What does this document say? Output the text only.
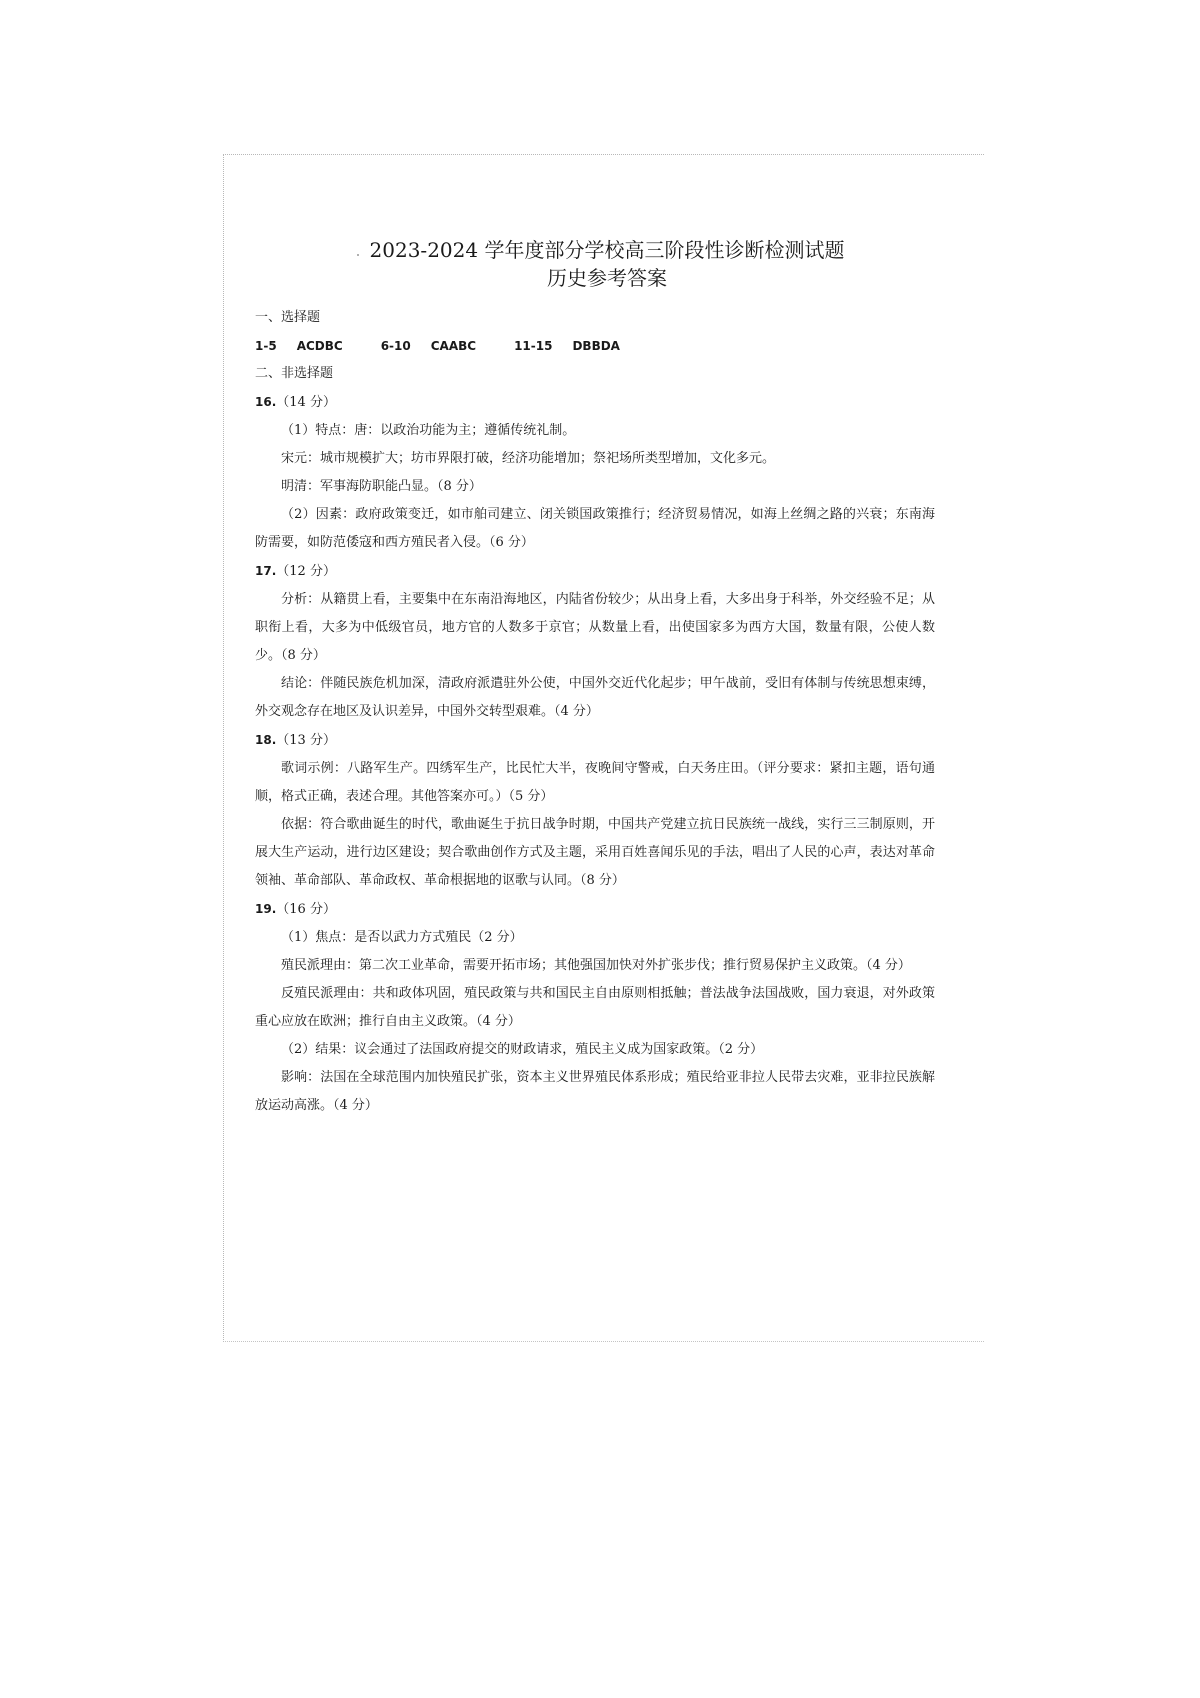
2023-2024 学年度部分学校高三阶段性诊断检测试题
历史参考答案

一、选择题

1-5 ACDBC	6-10 CAABC	11-15 DBBDA

二、非选择题

16.（14 分）

（1）特点：唐：以政治功能为主；遵循传统礼制。

宋元：城市规模扩大；坊市界限打破，经济功能增加；祭祀场所类型增加，文化多元。

明清：军事海防职能凸显。（8 分）

（2）因素：政府政策变迁，如市舶司建立、闭关锁国政策推行；经济贸易情况，如海上丝绸之路的兴衰；东南海防需要，如防范倭寇和西方殖民者入侵。（6 分）

17.（12 分）

分析：从籍贯上看，主要集中在东南沿海地区，内陆省份较少；从出身上看，大多出身于科举，外交经验不足；从职衔上看，大多为中低级官员，地方官的人数多于京官；从数量上看，出使国家多为西方大国，数量有限，公使人数少。（8 分）

结论：伴随民族危机加深，清政府派遣驻外公使，中国外交近代化起步；甲午战前，受旧有体制与传统思想束缚，外交观念存在地区及认识差异，中国外交转型艰难。（4 分）

18.（13 分）

歌词示例：八路军生产。四绣军生产，比民忙大半，夜晚间守警戒，白天务庄田。（评分要求：紧扣主题，语句通顺，格式正确，表述合理。其他答案亦可。）（5 分）

依据：符合歌曲诞生的时代，歌曲诞生于抗日战争时期，中国共产党建立抗日民族统一战线，实行三三制原则，开展大生产运动，进行边区建设；契合歌曲创作方式及主题，采用百姓喜闻乐见的手法，唱出了人民的心声，表达对革命领袖、革命部队、革命政权、革命根据地的讴歌与认同。（8 分）

19.（16 分）

（1）焦点：是否以武力方式殖民（2 分）

殖民派理由：第二次工业革命，需要开拓市场；其他强国加快对外扩张步伐；推行贸易保护主义政策。（4 分）

反殖民派理由：共和政体巩固，殖民政策与共和国民主自由原则相抵触；普法战争法国战败，国力衰退，对外政策重心应放在欧洲；推行自由主义政策。（4 分）

（2）结果：议会通过了法国政府提交的财政请求，殖民主义成为国家政策。（2 分）

影响：法国在全球范围内加快殖民扩张，资本主义世界殖民体系形成；殖民给亚非拉人民带去灾难，亚非拉民族解放运动高涨。（4 分）
